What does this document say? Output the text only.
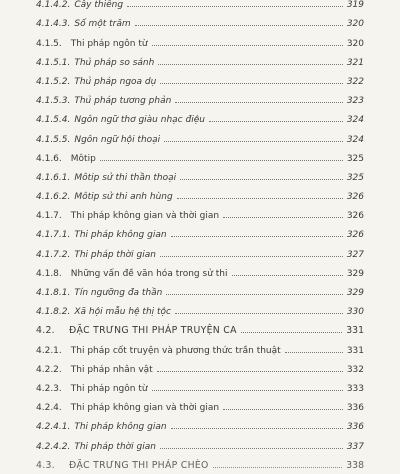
4.1.4.2. Cây thiêng	319
4.1.4.3. Số một trăm	320
4.1.5. Thi pháp ngôn từ	320
4.1.5.1. Thủ pháp so sánh	321
4.1.5.2. Thủ pháp ngoa dụ	322
4.1.5.3. Thủ pháp tương phản	323
4.1.5.4. Ngôn ngữ thơ giàu nhạc điệu	324
4.1.5.5. Ngôn ngữ hội thoại	324
4.1.6. Môtip	325
4.1.6.1. Môtip sử thi thần thoại	325
4.1.6.2. Môtip sử thi anh hùng	326
4.1.7. Thi pháp không gian và thời gian	326
4.1.7.1. Thi pháp không gian	326
4.1.7.2. Thi pháp thời gian	327
4.1.8. Những vấn đề văn hóa trong sử thi	329
4.1.8.1. Tín ngưỡng đa thần	329
4.1.8.2. Xã hội mẫu hệ thị tộc	330
4.2. ĐẶC TRƯNG THI PHÁP TRUYỆN CA	331
4.2.1. Thi pháp cốt truyện và phương thức trần thuật	331
4.2.2. Thi pháp nhân vật	332
4.2.3. Thi pháp ngôn từ	333
4.2.4. Thi pháp không gian và thời gian	336
4.2.4.1. Thi pháp không gian	336
4.2.4.2. Thi pháp thời gian	337
4.3. ĐẶC TRƯNG THI PHÁP CHÈO	338
